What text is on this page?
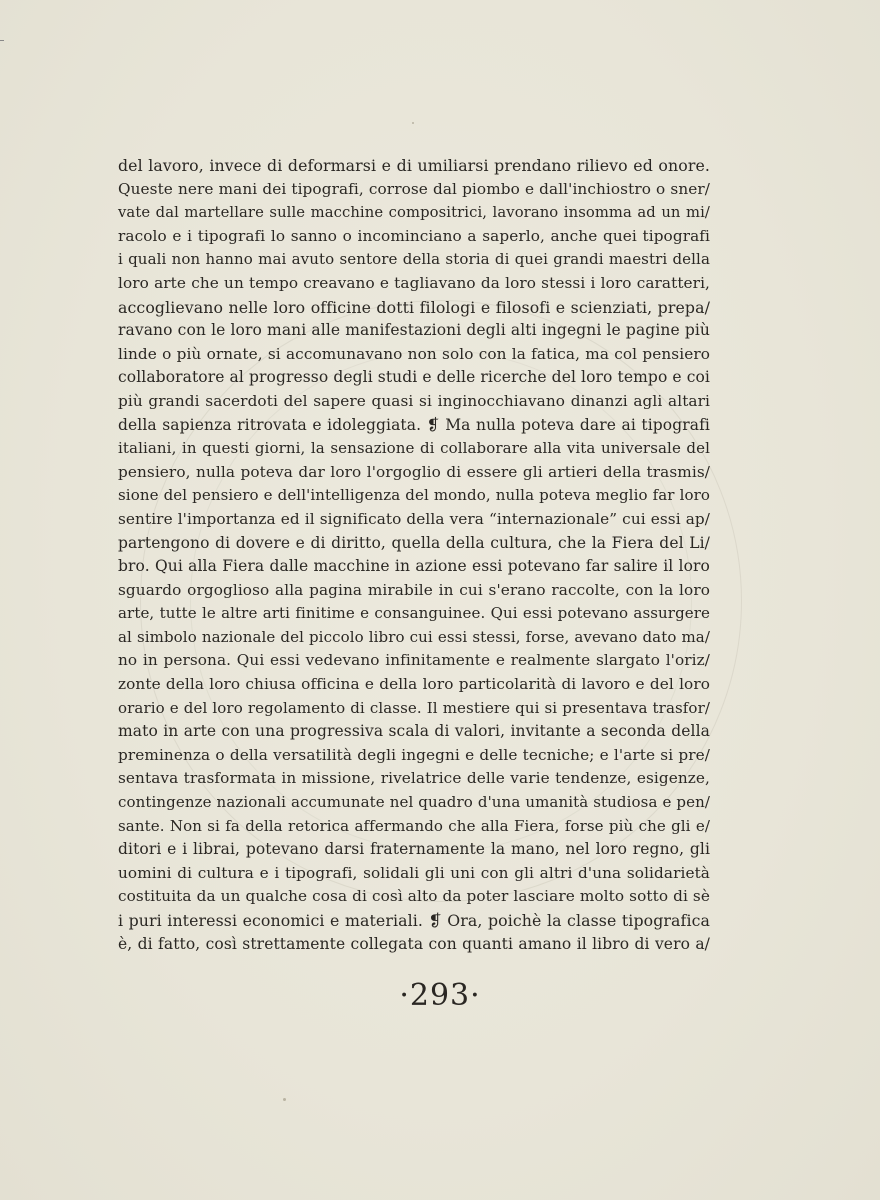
del lavoro, invece di deformarsi e di umiliarsi prendano rilievo ed onore.
Queste nere mani dei tipografi, corrose dal piombo e dall'inchiostro o sner/
vate dal martellare sulle macchine compositrici, lavorano insomma ad un mi/
racolo e i tipografi lo sanno o incominciano a saperlo, anche quei tipografi
i quali non hanno mai avuto sentore della storia di quei grandi maestri della
loro arte che un tempo creavano e tagliavano da loro stessi i loro caratteri,
accoglievano nelle loro officine dotti filologi e filosofi e scienziati, prepa/
ravano con le loro mani alle manifestazioni degli alti ingegni le pagine più
linde o più ornate, si accomunavano non solo con la fatica, ma col pensiero
collaboratore al progresso degli studi e delle ricerche del loro tempo e coi
più grandi sacerdoti del sapere quasi si inginocchiavano dinanzi agli altari
della sapienza ritrovata e idoleggiata. ❡ Ma nulla poteva dare ai tipografi
italiani, in questi giorni, la sensazione di collaborare alla vita universale del
pensiero, nulla poteva dar loro l'orgoglio di essere gli artieri della trasmis/
sione del pensiero e dell'intelligenza del mondo, nulla poteva meglio far loro
sentire l'importanza ed il significato della vera “internazionale” cui essi ap/
partengono di dovere e di diritto, quella della cultura, che la Fiera del Li/
bro. Qui alla Fiera dalle macchine in azione essi potevano far salire il loro
sguardo orgoglioso alla pagina mirabile in cui s'erano raccolte, con la loro
arte, tutte le altre arti finitime e consanguinee. Qui essi potevano assurgere
al simbolo nazionale del piccolo libro cui essi stessi, forse, avevano dato ma/
no in persona. Qui essi vedevano infinitamente e realmente slargato l'oriz/
zonte della loro chiusa officina e della loro particolarità di lavoro e del loro
orario e del loro regolamento di classe. Il mestiere qui si presentava trasfor/
mato in arte con una progressiva scala di valori, invitante a seconda della
preminenza o della versatilità degli ingegni e delle tecniche; e l'arte si pre/
sentava trasformata in missione, rivelatrice delle varie tendenze, esigenze,
contingenze nazionali accumunate nel quadro d'una umanità studiosa e pen/
sante. Non si fa della retorica affermando che alla Fiera, forse più che gli e/
ditori e i librai, potevano darsi fraternamente la mano, nel loro regno, gli
uomini di cultura e i tipografi, solidali gli uni con gli altri d'una solidarietà
costituita da un qualche cosa di così alto da poter lasciare molto sotto di sè
i puri interessi economici e materiali. ❡ Ora, poichè la classe tipografica
è, di fatto, così strettamente collegata con quanti amano il libro di vero a/
·293·
